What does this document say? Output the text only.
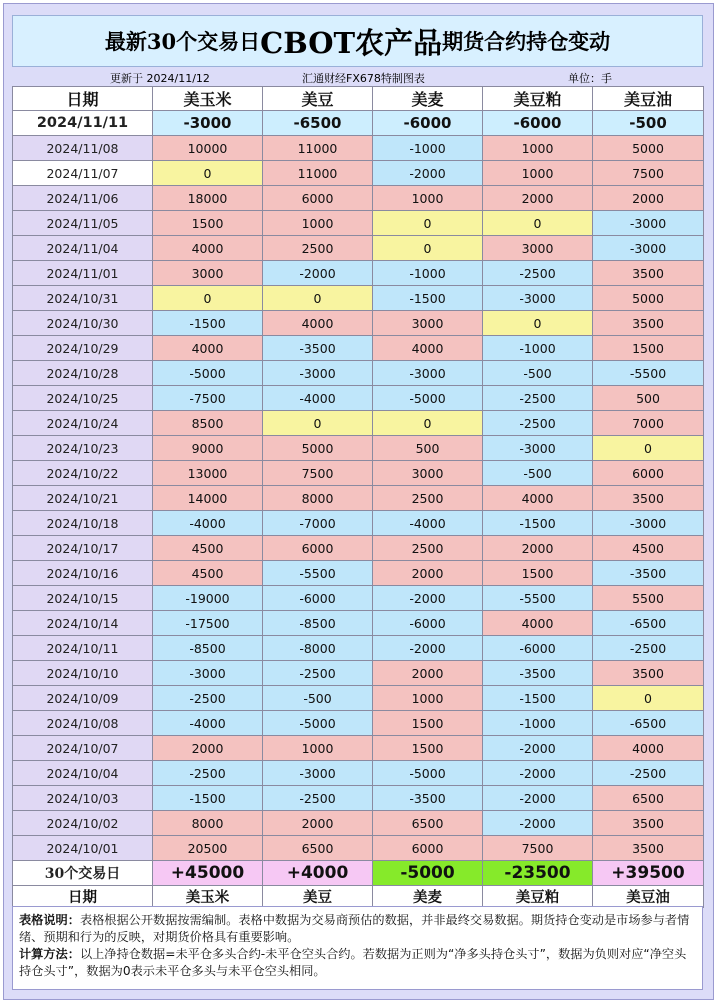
最新30个交易日 CBOT农产品 期货合约持仓变动
更新于 2024/11/12	汇通财经FX678特制图表	单位：手
日期	美玉米	美豆	美麦	美豆粕	美豆油
2024/11/11	-3000	-6500	-6000	-6000	-500
2024/11/08	10000	11000	-1000	1000	5000
2024/11/07	0	11000	-2000	1000	7500
2024/11/06	18000	6000	1000	2000	2000
2024/11/05	1500	1000	0	0	-3000
2024/11/04	4000	2500	0	3000	-3000
2024/11/01	3000	-2000	-1000	-2500	3500
2024/10/31	0	0	-1500	-3000	5000
2024/10/30	-1500	4000	3000	0	3500
2024/10/29	4000	-3500	4000	-1000	1500
2024/10/28	-5000	-3000	-3000	-500	-5500
2024/10/25	-7500	-4000	-5000	-2500	500
2024/10/24	8500	0	0	-2500	7000
2024/10/23	9000	5000	500	-3000	0
2024/10/22	13000	7500	3000	-500	6000
2024/10/21	14000	8000	2500	4000	3500
2024/10/18	-4000	-7000	-4000	-1500	-3000
2024/10/17	4500	6000	2500	2000	4500
2024/10/16	4500	-5500	2000	1500	-3500
2024/10/15	-19000	-6000	-2000	-5500	5500
2024/10/14	-17500	-8500	-6000	4000	-6500
2024/10/11	-8500	-8000	-2000	-6000	-2500
2024/10/10	-3000	-2500	2000	-3500	3500
2024/10/09	-2500	-500	1000	-1500	0
2024/10/08	-4000	-5000	1500	-1000	-6500
2024/10/07	2000	1000	1500	-2000	4000
2024/10/04	-2500	-3000	-5000	-2000	-2500
2024/10/03	-1500	-2500	-3500	-2000	6500
2024/10/02	8000	2000	6500	-2000	3500
2024/10/01	20500	6500	6000	7500	3500
30个交易日	+45000	+4000	-5000	-23500	+39500
日期	美玉米	美豆	美麦	美豆粕	美豆油
表格说明：表格根据公开数据按需编制。表格中数据为交易商预估的数据，并非最终交易数据。期货持仓变动是市场参与者情绪、预期和行为的反映，对期货价格具有重要影响。
计算方法：以上净持仓数据=未平仓多头合约-未平仓空头合约。若数据为正则为“净多头持仓头寸”，数据为负则对应“净空头持仓头寸”，数据为0表示未平仓多头与未平仓空头相同。
